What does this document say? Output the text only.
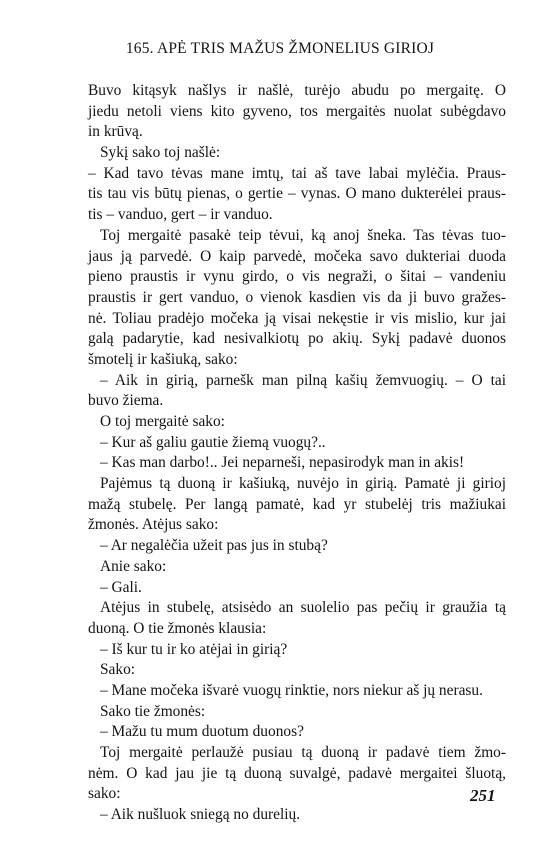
165. APĖ TRIS MAŽUS ŽMONELIUS GIRIOJ
Buvo kitąsyk našlys ir našlė, turėjo abudu po mergaitę. O
jiedu netoli viens kito gyveno, tos mergaitės nuolat subėgdavo
in krūvą.
Sykį sako toj našlė:
– Kad tavo tėvas mane imtų, tai aš tave labai mylėčia. Praus-
tis tau vis būtų pienas, o gertie – vynas. O mano dukterėlei praus-
tis – vanduo, gert – ir vanduo.
Toj mergaitė pasakė teip tėvui, ką anoj šneka. Tas tėvas tuo-
jaus ją parvedė. O kaip parvedė, močeka savo dukteriai duoda
pieno praustis ir vynu girdo, o vis negraži, o šitai – vandeniu
praustis ir gert vanduo, o vienok kasdien vis da ji buvo gražes-
nė. Toliau pradėjo močeka ją visai nekęstie ir vis mislio, kur jai
galą padarytie, kad nesivalkiotų po akių. Sykį padavė duonos
šmotelį ir kašiuką, sako:
– Aik in girią, parnešk man pilną kašių žemvuogių. – O tai
buvo žiema.
O toj mergaitė sako:
– Kur aš galiu gautie žiemą vuogų?..
– Kas man darbo!.. Jei neparneši, nepasirodyk man in akis!
Pajėmus tą duoną ir kašiuką, nuvėjo in girią. Pamatė ji girioj
mažą stubelę. Per langą pamatė, kad yr stubelėj tris mažiukai
žmonės. Atėjus sako:
– Ar negalėčia užeit pas jus in stubą?
Anie sako:
– Gali.
Atėjus in stubelę, atsisėdo an suolelio pas pečių ir graužia tą
duoną. O tie žmonės klausia:
– Iš kur tu ir ko atėjai in girią?
Sako:
– Mane močeka išvarė vuogų rinktie, nors niekur aš jų nerasu.
Sako tie žmonės:
– Mažu tu mum duotum duonos?
Toj mergaitė perlaužė pusiau tą duoną ir padavė tiem žmo-
nėm. O kad jau jie tą duoną suvalgė, padavė mergaitei šluotą,
sako:
– Aik nušluok sniegą no durelių.
251
